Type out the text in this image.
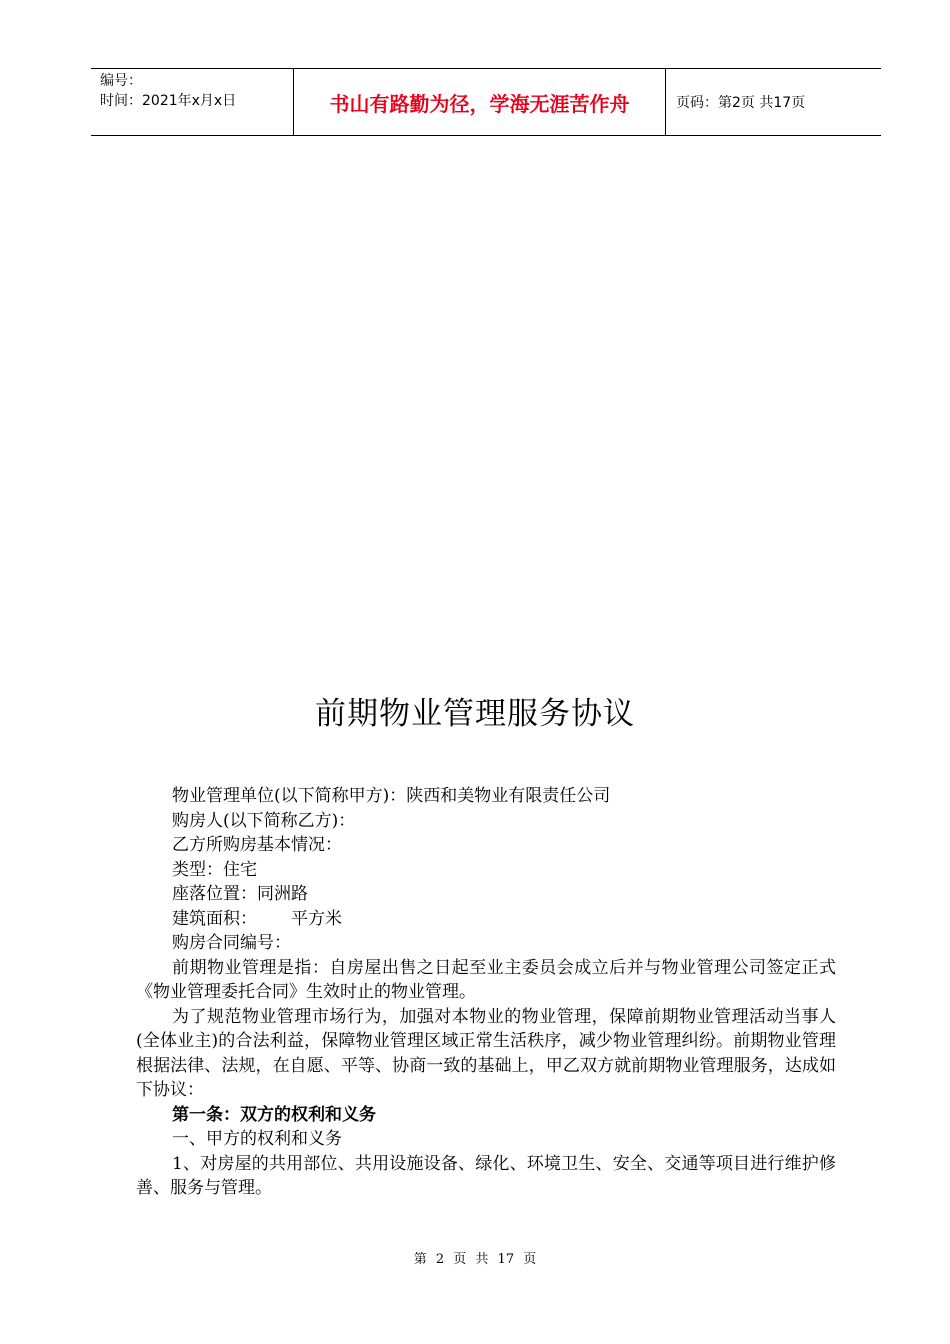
编号：
时间：2021年x月x日	书山有路勤为径，学海无涯苦作舟	页码：第2页 共17页
前期物业管理服务协议

物业管理单位(以下简称甲方)：陕西和美物业有限责任公司

购房人(以下简称乙方)：

乙方所购房基本情况：

类型：住宅

座落位置：同洲路

建筑面积： 平方米

购房合同编号：

前期物业管理是指：自房屋出售之日起至业主委员会成立后并与物业管理公司签定正式《物业管理委托合同》生效时止的物业管理。

为了规范物业管理市场行为，加强对本物业的物业管理，保障前期物业管理活动当事人(全体业主)的合法利益，保障物业管理区域正常生活秩序，减少物业管理纠纷。前期物业管理根据法律、法规，在自愿、平等、协商一致的基础上，甲乙双方就前期物业管理服务，达成如下协议：

第一条：双方的权利和义务

一、甲方的权利和义务

1、对房屋的共用部位、共用设施设备、绿化、环境卫生、安全、交通等项目进行维护修善、服务与管理。

第 2 页 共 17 页
